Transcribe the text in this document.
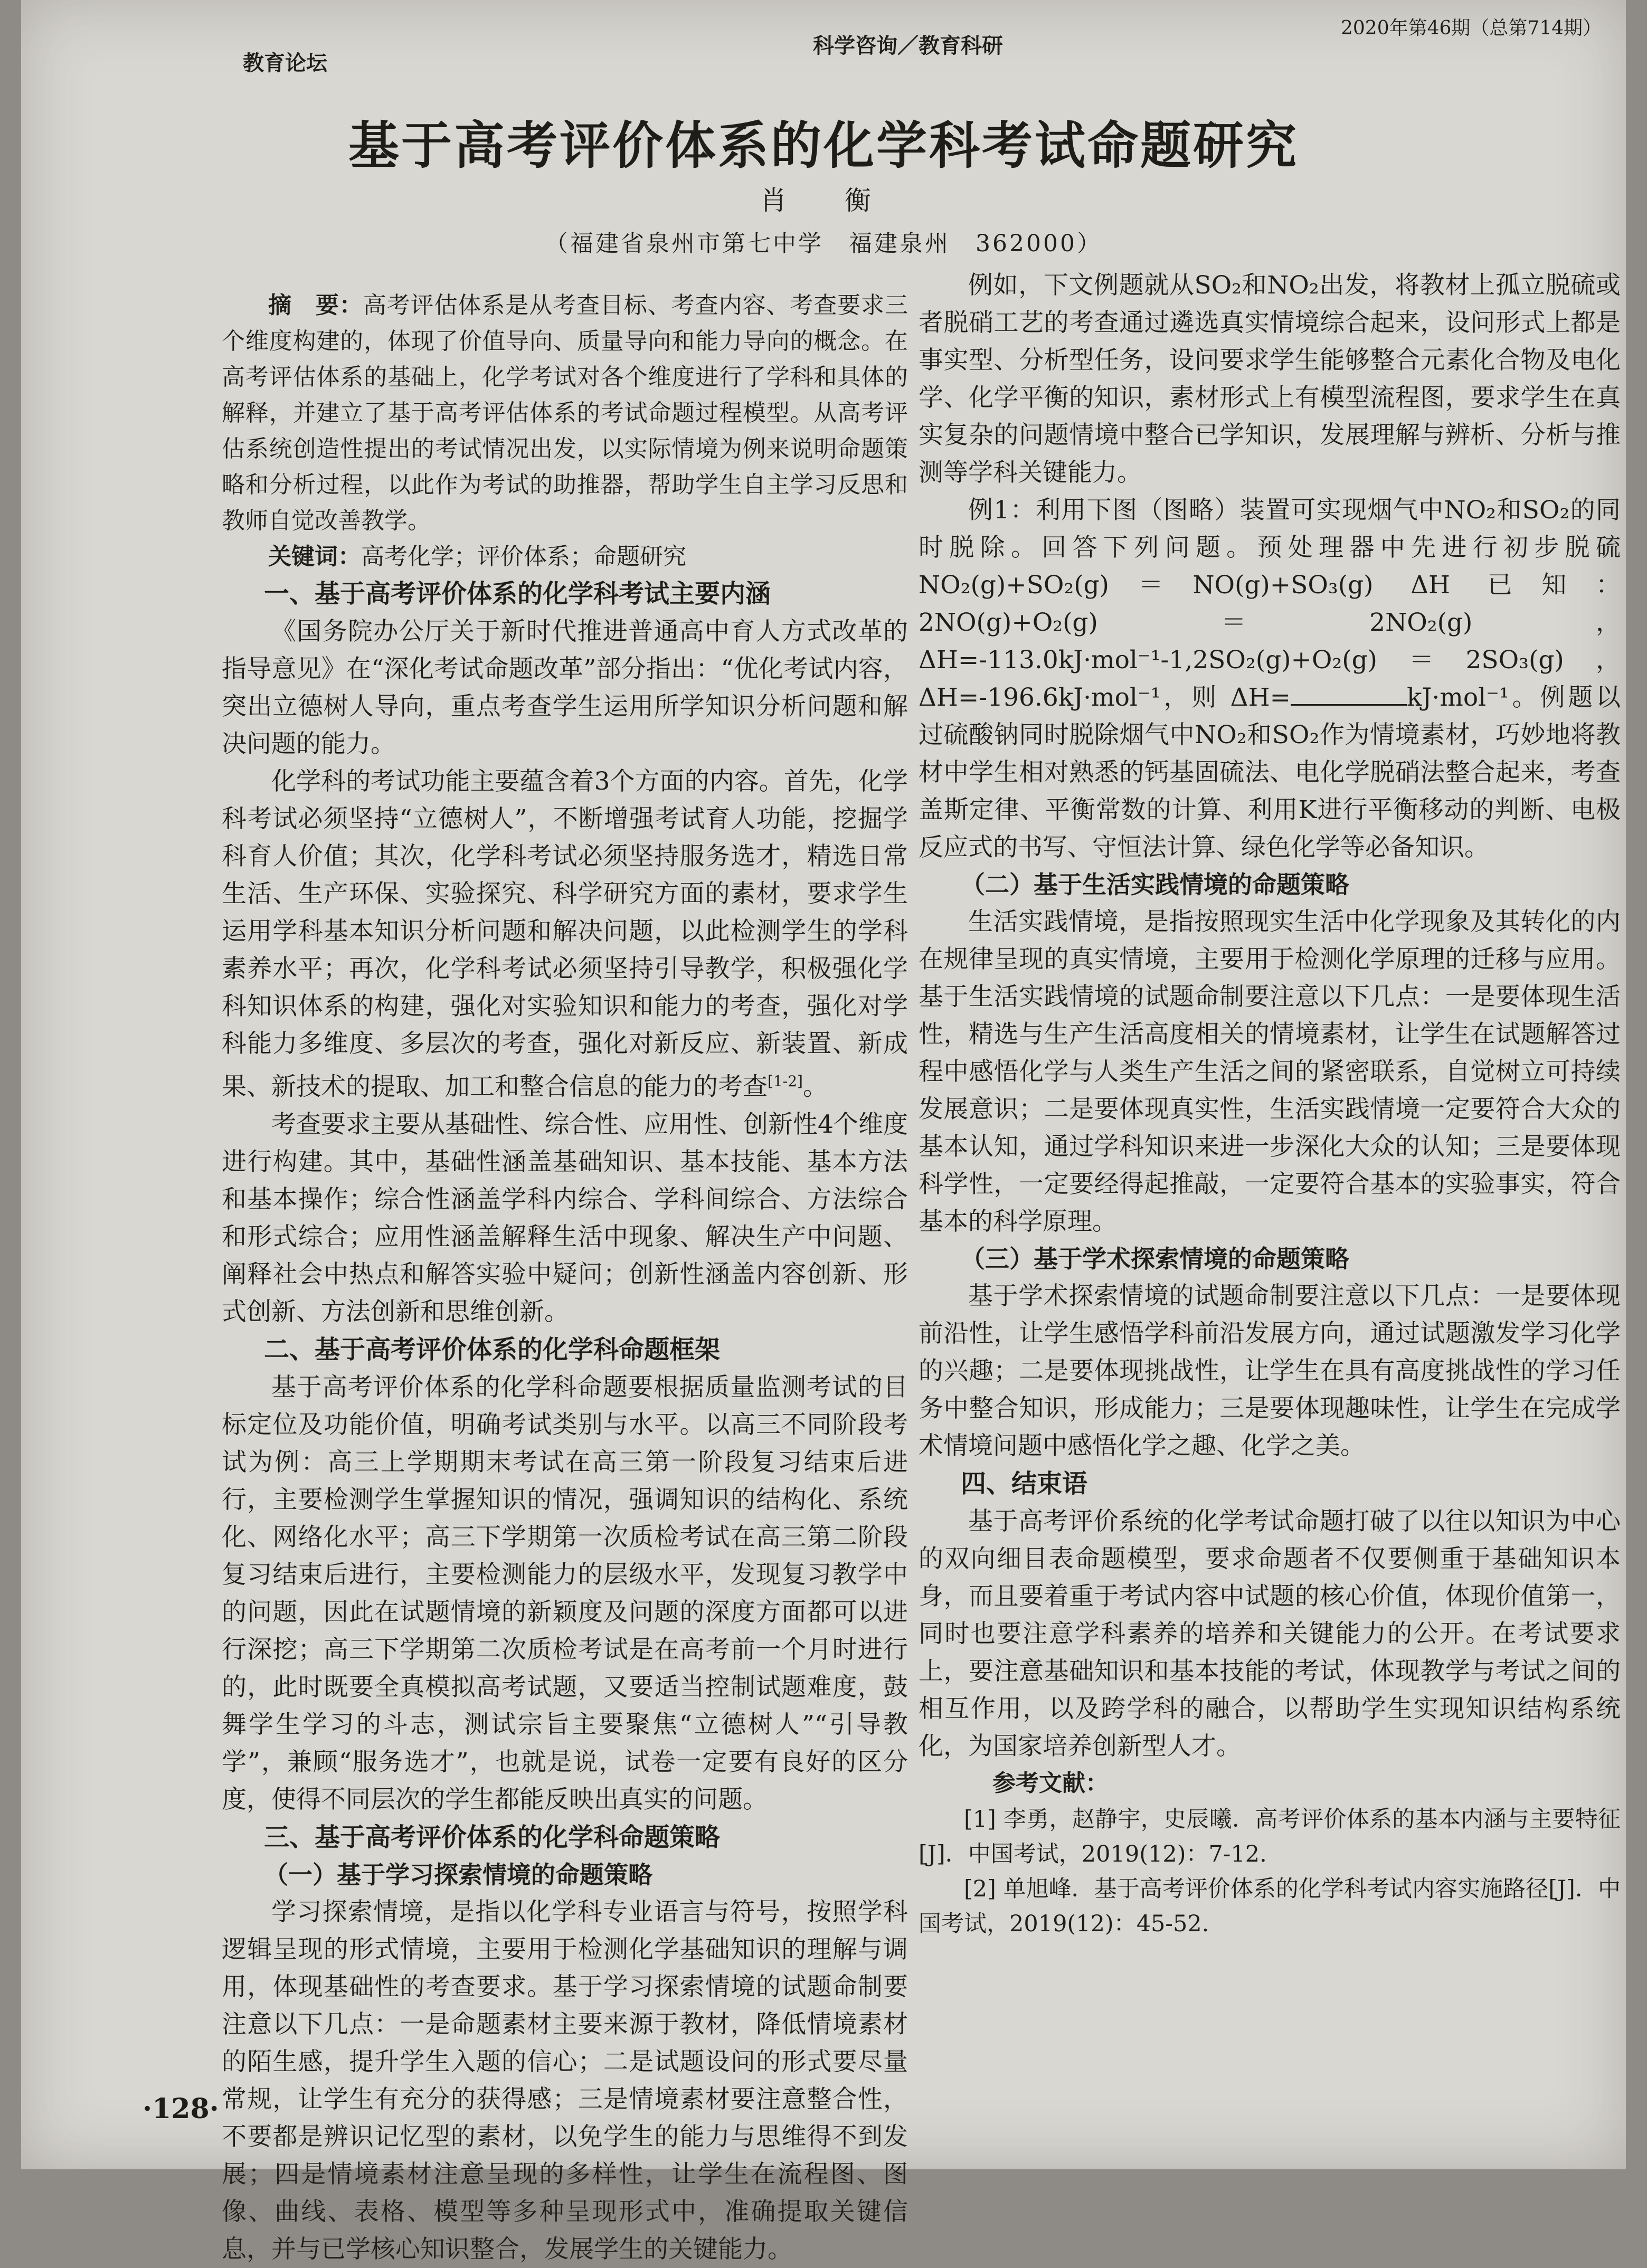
教育论坛
科学咨询／教育科研
2020年第46期（总第714期）
基于高考评价体系的化学科考试命题研究
肖　衡
（福建省泉州市第七中学　福建泉州　362000）

摘　要：高考评估体系是从考查目标、考查内容、考查要求三个维度构建的，体现了价值导向、质量导向和能力导向的概念。在高考评估体系的基础上，化学考试对各个维度进行了学科和具体的解释，并建立了基于高考评估体系的考试命题过程模型。从高考评估系统创造性提出的考试情况出发，以实际情境为例来说明命题策略和分析过程，以此作为考试的助推器，帮助学生自主学习反思和教师自觉改善教学。

关键词：高考化学；评价体系；命题研究

一、基于高考评价体系的化学科考试主要内涵

《国务院办公厅关于新时代推进普通高中育人方式改革的指导意见》在“深化考试命题改革”部分指出：“优化考试内容，突出立德树人导向，重点考查学生运用所学知识分析问题和解决问题的能力。

化学科的考试功能主要蕴含着3个方面的内容。首先，化学科考试必须坚持“立德树人”，不断增强考试育人功能，挖掘学科育人价值；其次，化学科考试必须坚持服务选才，精选日常生活、生产环保、实验探究、科学研究方面的素材，要求学生运用学科基本知识分析问题和解决问题，以此检测学生的学科素养水平；再次，化学科考试必须坚持引导教学，积极强化学科知识体系的构建，强化对实验知识和能力的考查，强化对学科能力多维度、多层次的考查，强化对新反应、新装置、新成果、新技术的提取、加工和整合信息的能力的考查[1-2]。

考查要求主要从基础性、综合性、应用性、创新性4个维度进行构建。其中，基础性涵盖基础知识、基本技能、基本方法和基本操作；综合性涵盖学科内综合、学科间综合、方法综合和形式综合；应用性涵盖解释生活中现象、解决生产中问题、阐释社会中热点和解答实验中疑问；创新性涵盖内容创新、形式创新、方法创新和思维创新。

二、基于高考评价体系的化学科命题框架

基于高考评价体系的化学科命题要根据质量监测考试的目标定位及功能价值，明确考试类别与水平。以高三不同阶段考试为例：高三上学期期末考试在高三第一阶段复习结束后进行，主要检测学生掌握知识的情况，强调知识的结构化、系统化、网络化水平；高三下学期第一次质检考试在高三第二阶段复习结束后进行，主要检测能力的层级水平，发现复习教学中的问题，因此在试题情境的新颖度及问题的深度方面都可以进行深挖；高三下学期第二次质检考试是在高考前一个月时进行的，此时既要全真模拟高考试题，又要适当控制试题难度，鼓舞学生学习的斗志，测试宗旨主要聚焦“立德树人”“引导教学”，兼顾“服务选才”，也就是说，试卷一定要有良好的区分度，使得不同层次的学生都能反映出真实的问题。

三、基于高考评价体系的化学科命题策略
（一）基于学习探索情境的命题策略

学习探索情境，是指以化学科专业语言与符号，按照学科逻辑呈现的形式情境，主要用于检测化学基础知识的理解与调用，体现基础性的考查要求。基于学习探索情境的试题命制要注意以下几点：一是命题素材主要来源于教材，降低情境素材的陌生感，提升学生入题的信心；二是试题设问的形式要尽量常规，让学生有充分的获得感；三是情境素材要注意整合性，不要都是辨识记忆型的素材，以免学生的能力与思维得不到发展；四是情境素材注意呈现的多样性，让学生在流程图、图像、曲线、表格、模型等多种呈现形式中，准确提取关键信息，并与已学核心知识整合，发展学生的关键能力。

例如，下文例题就从SO₂和NO₂出发，将教材上孤立脱硫或者脱硝工艺的考查通过遴选真实情境综合起来，设问形式上都是事实型、分析型任务，设问要求学生能够整合元素化合物及电化学、化学平衡的知识，素材形式上有模型流程图，要求学生在真实复杂的问题情境中整合已学知识，发展理解与辨析、分析与推测等学科关键能力。

例1：利用下图（图略）装置可实现烟气中NO₂和SO₂的同时脱除。回答下列问题。预处理器中先进行初步脱硫NO₂(g)+SO₂(g)＝NO(g)+SO₃(g) ΔH 已知：2NO(g)+O₂(g)＝2NO₂(g)，ΔH=-113.0kJ·mol⁻¹-1,2SO₂(g)+O₂(g)＝2SO₃(g)，ΔH=-196.6kJ·mol⁻¹，则 ΔH=	kJ·mol⁻¹。例题以过硫酸钠同时脱除烟气中NO₂和SO₂作为情境素材，巧妙地将教材中学生相对熟悉的钙基固硫法、电化学脱硝法整合起来，考查盖斯定律、平衡常数的计算、利用K进行平衡移动的判断、电极反应式的书写、守恒法计算、绿色化学等必备知识。

（二）基于生活实践情境的命题策略

生活实践情境，是指按照现实生活中化学现象及其转化的内在规律呈现的真实情境，主要用于检测化学原理的迁移与应用。基于生活实践情境的试题命制要注意以下几点：一是要体现生活性，精选与生产生活高度相关的情境素材，让学生在试题解答过程中感悟化学与人类生产生活之间的紧密联系，自觉树立可持续发展意识；二是要体现真实性，生活实践情境一定要符合大众的基本认知，通过学科知识来进一步深化大众的认知；三是要体现科学性，一定要经得起推敲，一定要符合基本的实验事实，符合基本的科学原理。

（三）基于学术探索情境的命题策略

基于学术探索情境的试题命制要注意以下几点：一是要体现前沿性，让学生感悟学科前沿发展方向，通过试题激发学习化学的兴趣；二是要体现挑战性，让学生在具有高度挑战性的学习任务中整合知识，形成能力；三是要体现趣味性，让学生在完成学术情境问题中感悟化学之趣、化学之美。

四、结束语

基于高考评价系统的化学考试命题打破了以往以知识为中心的双向细目表命题模型，要求命题者不仅要侧重于基础知识本身，而且要着重于考试内容中试题的核心价值，体现价值第一，同时也要注意学科素养的培养和关键能力的公开。在考试要求上，要注意基础知识和基本技能的考试，体现教学与考试之间的相互作用，以及跨学科的融合，以帮助学生实现知识结构系统化，为国家培养创新型人才。

参考文献：

[1] 李勇，赵静宇，史辰曦．高考评价体系的基本内涵与主要特征[J]．中国考试，2019(12)：7-12.

[2] 单旭峰．基于高考评价体系的化学科考试内容实施路径[J]．中国考试，2019(12)：45-52.

·128·
